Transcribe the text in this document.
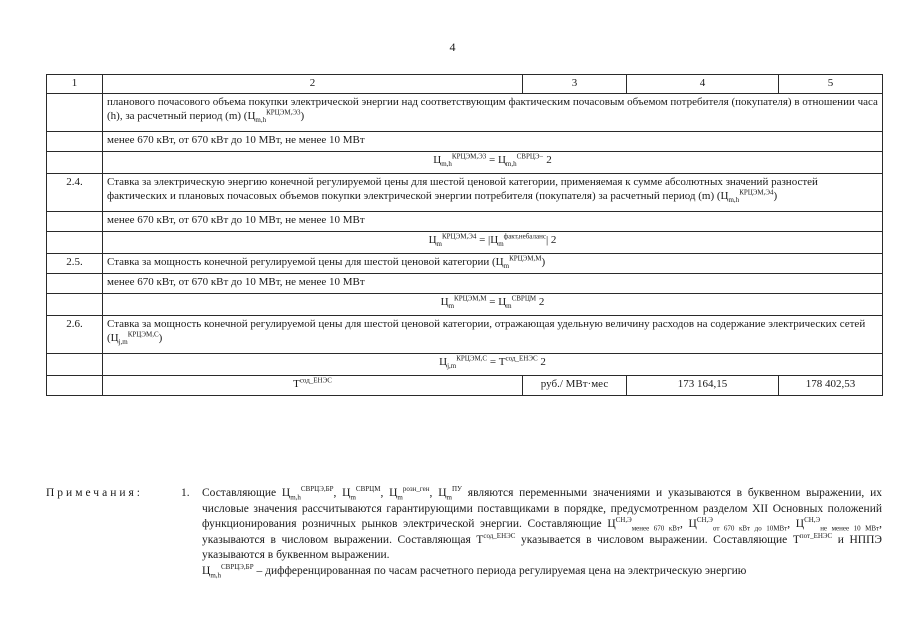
4
1	2	3	4	5
	планового почасового объема покупки электрической энергии над соответствующим фактическим почасовым объемом потребителя (покупателя) в отношении часа (h), за расчетный период (m) $(Ц_{m,h}^{КРЦЭМ,Э3})$			
	менее 670 кВт, от 670 кВт до 10 МВт, не менее 10 МВт			
	$Ц_{m,h}^{КРЦЭМ,Э3} = Ц_{m,h}^{СВРЦЭ-}$ 2			
2.4.	Ставка за электрическую энергию конечной регулируемой цены для шестой ценовой категории, применяемая к сумме абсолютных значений разностей фактических и плановых почасовых объемов покупки электрической энергии потребителя (покупателя) за расчетный период (m) $(Ц_{m,h}^{КРЦЭМ,Э4})$			
	менее 670 кВт, от 670 кВт до 10 МВт, не менее 10 МВт			
	$Ц_m^{КРЦЭМ,Э4} = |Ц_m^{факт,небаланс}|$ 2			
2.5.	Ставка за мощность конечной регулируемой цены для шестой ценовой категории $(Ц_m^{КРЦЭМ,М})$			
	менее 670 кВт, от 670 кВт до 10 МВт, не менее 10 МВт			
	$Ц_m^{КРЦЭМ,М} = Ц_m^{СВРЦМ}$ 2			
2.6.	Ставка за мощность конечной регулируемой цены для шестой ценовой категории, отражающая удельную величину расходов на содержание электрических сетей $(Ц_{j,m}^{КРЦЭМ,С})$			
	$Ц_{j,m}^{КРЦЭМ,С} = Т^{сод\_ЕНЭС}$ 2			
	$Т^{сод\_ЕНЭС}$	руб./ МВт·мес	173 164,15	178 402,53
Примечания:	1. Составляющие $Ц_{m,h}^{СВРЦЭ,БР}$, $Ц_m^{СВРЦМ}$, $Ц_m^{розн\_ген}$, $Ц_m^{ПУ}$ являются переменными значениями и указываются в буквенном выражении, их числовые значения рассчитываются гарантирующими поставщиками в порядке, предусмотренном разделом XII Основных положений функционирования розничных рынков электрической энергии. Составляющие $Ц^{СН,Э}_{менее 670 кВт}$, $Ц^{СН,Э}_{от 670 кВт до 10МВт}$, $Ц^{СН,Э}_{не менее 10 МВт}$, указываются в числовом выражении. Составляющая $Т^{сод\_ЕНЭС}$ указывается в числовом выражении. Составляющие $Т^{пот\_ЕНЭС}$ и НППЭ указываются в буквенном выражении.

$Ц_{m,h}^{СВРЦЭ,БР}$ – дифференцированная по часам расчетного периода регулируемая цена на электрическую энергию
